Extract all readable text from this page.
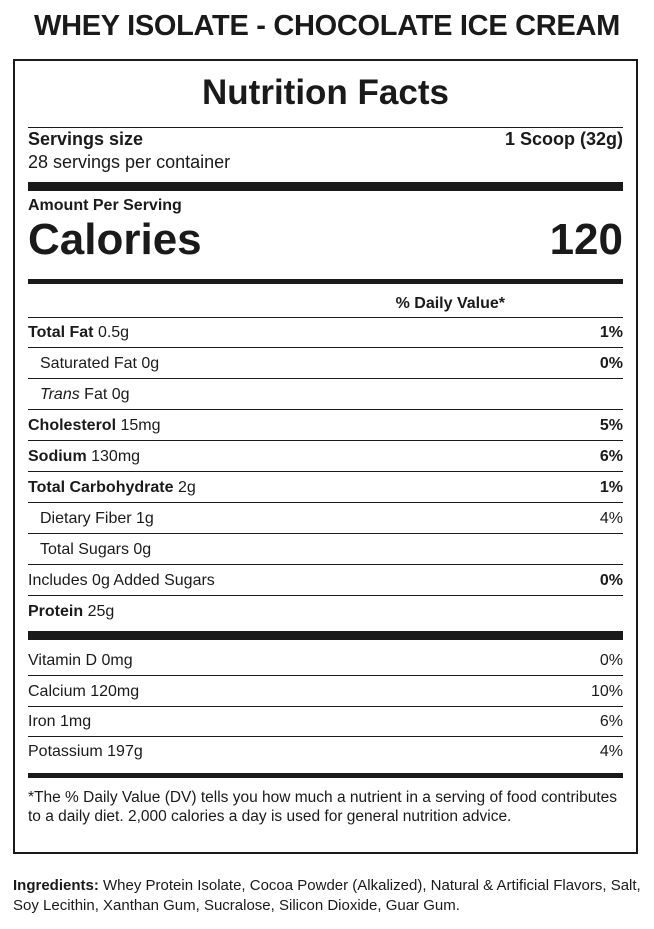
WHEY ISOLATE - CHOCOLATE ICE CREAM
Nutrition Facts
Servings size	1 Scoop (32g)
28 servings per container
Amount Per Serving
Calories	120
% Daily Value*
Total Fat 0.5g	1%
Saturated Fat 0g	0%
Trans Fat 0g
Cholesterol 15mg	5%
Sodium 130mg	6%
Total Carbohydrate 2g	1%
Dietary Fiber 1g	4%
Total Sugars 0g
Includes 0g Added Sugars	0%
Protein 25g
Vitamin D 0mg	0%
Calcium 120mg	10%
Iron 1mg	6%
Potassium 197g	4%
*The % Daily Value (DV) tells you how much a nutrient in a serving of food contributes to a daily diet. 2,000 calories a day is used for general nutrition advice.
Ingredients: Whey Protein Isolate, Cocoa Powder (Alkalized), Natural & Artificial Flavors, Salt, Soy Lecithin, Xanthan Gum, Sucralose, Silicon Dioxide, Guar Gum.
